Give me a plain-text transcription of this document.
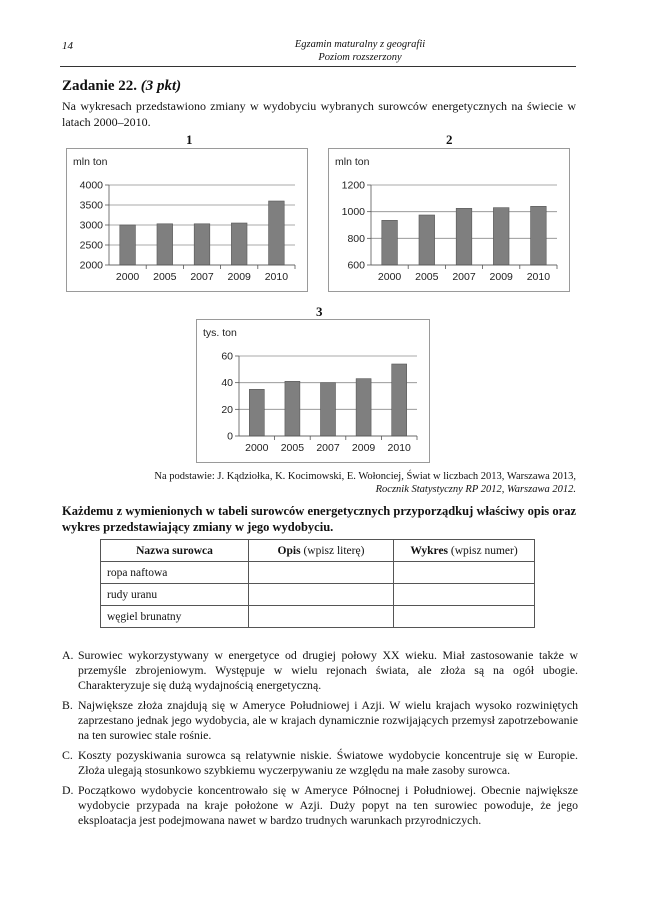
14	Egzamin maturalny z geografii
Poziom rozszerzony
Zadanie 22. (3 pkt)
Na wykresach przedstawiono zmiany w wydobyciu wybranych surowców energetycznych na świecie w latach 2000–2010.
1
mln ton
4000
3500
3000
2500
2000
2000 2005 2007 2009 2010
2
mln ton
1200
1000
800
600
2000 2005 2007 2009 2010
3
tys. ton
60
40
20
0
2000 2005 2007 2009 2010
Na podstawie: J. Kądziołka, K. Kocimowski, E. Wołonciej, Świat w liczbach 2013, Warszawa 2013,
Rocznik Statystyczny RP 2012, Warszawa 2012.
Każdemu z wymienionych w tabeli surowców energetycznych przyporządkuj właściwy opis oraz wykres przedstawiający zmiany w jego wydobyciu.
Nazwa surowca	Opis (wpisz literę)	Wykres (wpisz numer)
ropa naftowa		
rudy uranu		
węgiel brunatny		
A. Surowiec wykorzystywany w energetyce od drugiej połowy XX wieku. Miał zastosowanie także w przemyśle zbrojeniowym. Występuje w wielu rejonach świata, ale złoża są na ogół ubogie. Charakteryzuje się dużą wydajnością energetyczną.
B. Największe złoża znajdują się w Ameryce Południowej i Azji. W wielu krajach wysoko rozwiniętych zaprzestano jednak jego wydobycia, ale w krajach dynamicznie rozwijających przemysł zapotrzebowanie na ten surowiec stale rośnie.
C. Koszty pozyskiwania surowca są relatywnie niskie. Światowe wydobycie koncentruje się w Europie. Złoża ulegają stosunkowo szybkiemu wyczerpywaniu ze względu na małe zasoby surowca.
D. Początkowo wydobycie koncentrowało się w Ameryce Północnej i Południowej. Obecnie największe wydobycie przypada na kraje położone w Azji. Duży popyt na ten surowiec powoduje, że jego eksploatacja jest podejmowana nawet w bardzo trudnych warunkach przyrodniczych.
